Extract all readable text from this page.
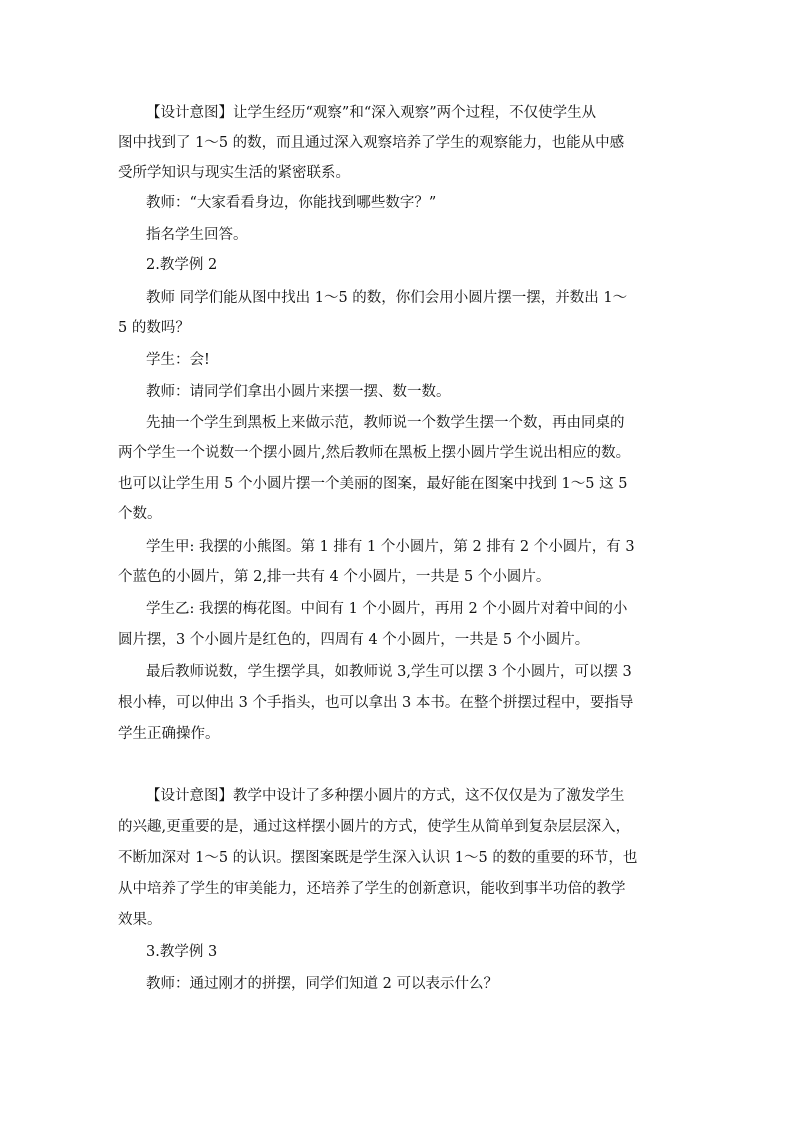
【设计意图】让学生经历“观察”和“深入观察”两个过程，不仅使学生从

图中找到了 1～5 的数，而且通过深入观察培养了学生的观察能力，也能从中感

受所学知识与现实生活的紧密联系。

教师：“大家看看身边，你能找到哪些数字？”

指名学生回答。

2.教学例 2

教师 同学们能从图中找出 1～5 的数，你们会用小圆片摆一摆，并数出 1～

5 的数吗？

学生：会!

教师：请同学们拿出小圆片来摆一摆、数一数。

先抽一个学生到黑板上来做示范，教师说一个数学生摆一个数，再由同桌的

两个学生一个说数一个摆小圆片,然后教师在黑板上摆小圆片学生说出相应的数。

也可以让学生用 5 个小圆片摆一个美丽的图案，最好能在图案中找到 1～5 这 5

个数。

学生甲: 我摆的小熊图。第 1 排有 1 个小圆片，第 2 排有 2 个小圆片，有 3

个蓝色的小圆片，第 2,排一共有 4 个小圆片，一共是 5 个小圆片。

学生乙: 我摆的梅花图。中间有 1 个小圆片，再用 2 个小圆片对着中间的小

圆片摆，3 个小圆片是红色的，四周有 4 个小圆片，一共是 5 个小圆片。

最后教师说数，学生摆学具，如教师说 3,学生可以摆 3 个小圆片，可以摆 3

根小棒，可以伸出 3 个手指头，也可以拿出 3 本书。在整个拼摆过程中，要指导

学生正确操作。

【设计意图】教学中设计了多种摆小圆片的方式，这不仅仅是为了激发学生

的兴趣,更重要的是，通过这样摆小圆片的方式，使学生从简单到复杂层层深入，

不断加深对 1～5 的认识。摆图案既是学生深入认识 1～5 的数的重要的环节，也

从中培养了学生的审美能力，还培养了学生的创新意识，能收到事半功倍的教学

效果。

3.教学例 3

教师：通过刚才的拼摆，同学们知道 2 可以表示什么？
